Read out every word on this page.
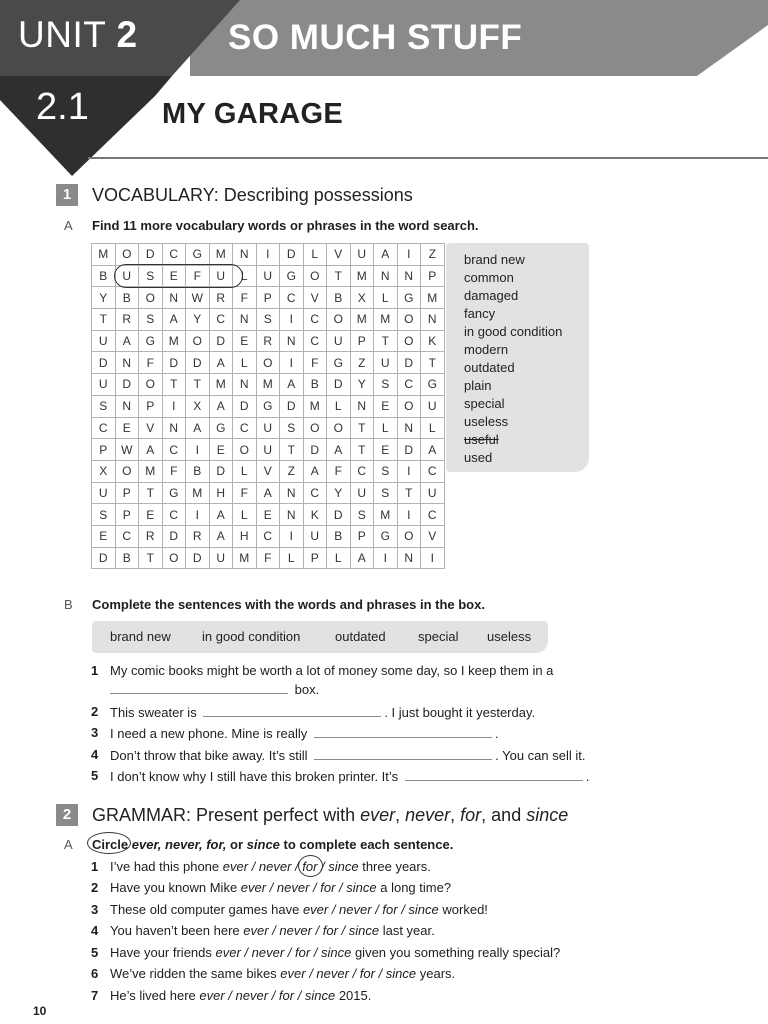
UNIT 2	SO MUCH STUFF
2.1	MY GARAGE
1	VOCABULARY: Describing possessions
A Find 11 more vocabulary words or phrases in the word search.
M	O	D	C	G	M	N	I	D	L	V	U	A	I	Z
B	U	S	E	F	U	L	U	G	O	T	M	N	N	P
Y	B	O	N	W	R	F	P	C	V	B	X	L	G	M
T	R	S	A	Y	C	N	S	I	C	O	M	M	O	N
U	A	G	M	O	D	E	R	N	C	U	P	T	O	K
D	N	F	D	D	A	L	O	I	F	G	Z	U	D	T
U	D	O	T	T	M	N	M	A	B	D	Y	S	C	G
S	N	P	I	X	A	D	G	D	M	L	N	E	O	U
C	E	V	N	A	G	C	U	S	O	O	T	L	N	L
P	W	A	C	I	E	O	U	T	D	A	T	E	D	A
X	O	M	F	B	D	L	V	Z	A	F	C	S	I	C
U	P	T	G	M	H	F	A	N	C	Y	U	S	T	U
S	P	E	C	I	A	L	E	N	K	D	S	M	I	C
E	C	R	D	R	A	H	C	I	U	B	P	G	O	V
D	B	T	O	D	U	M	F	L	P	L	A	I	N	I
brand new
common
damaged
fancy
in good condition
modern
outdated
plain
special
useless
useful
used
B Complete the sentences with the words and phrases in the box.
brand new in good condition	outdated special useless
1 My comic books might be worth a lot of money some day, so I keep them in a
box.
2 This sweater is	. I just bought it yesterday.
3 I need a new phone. Mine is really	.
4 Don’t throw that bike away. It’s still	. You can sell it.
5 I don’t know why I still have this broken printer. It’s	.
2	GRAMMAR: Present perfect with ever, never, for, and since
A Circle ever, never, for, or since to complete each sentence.
1 I’ve had this phone ever / never / for
/ since three years.
2 Have you known Mike ever / never / for / since a long time?
3 These old computer games have ever / never / for / since worked!
4 You haven’t been here ever / never / for / since last year.
5 Have your friends ever / never / for / since given you something really special?
6 We’ve ridden the same bikes ever / never / for / since years.
7 He’s lived here ever / never / for / since 2015.
10
